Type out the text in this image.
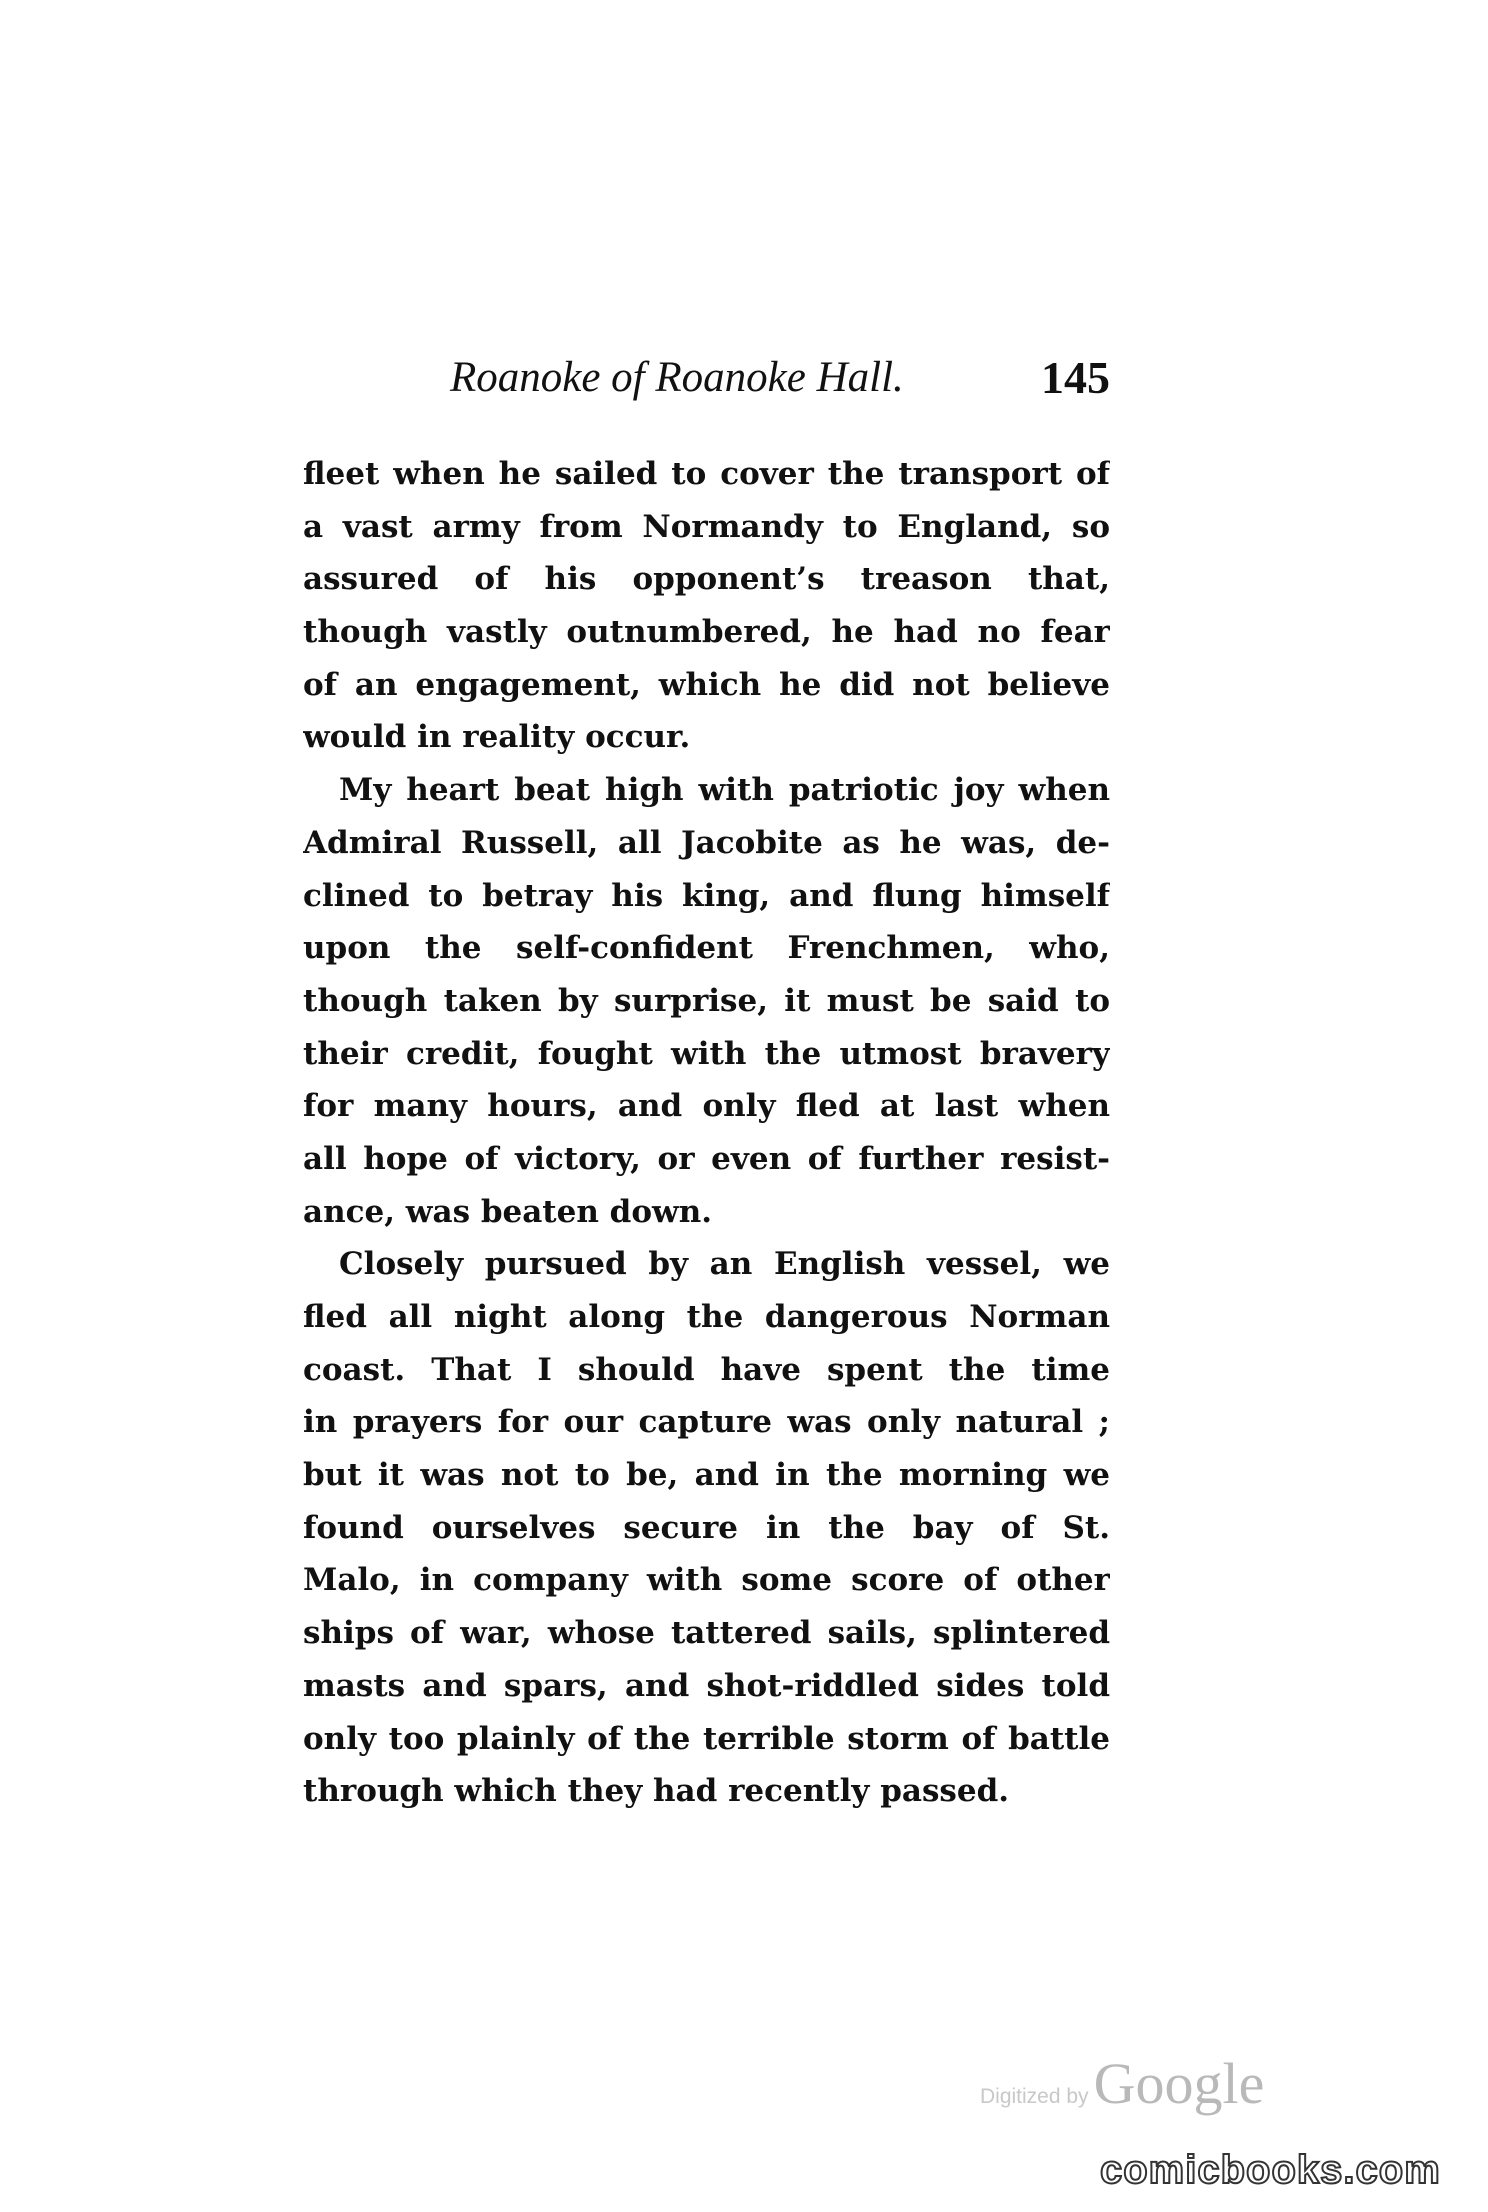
Roanoke of Roanoke Hall.	145
fleet when he sailed to cover the transport of
a vast army from Normandy to England, so
assured of his opponent’s treason that,
though vastly outnumbered, he had no fear
of an engagement, which he did not believe
would in reality occur.
My heart beat high with patriotic joy when
Admiral Russell, all Jacobite as he was, de-
clined to betray his king, and flung himself
upon the self-confident Frenchmen, who,
though taken by surprise, it must be said to
their credit, fought with the utmost bravery
for many hours, and only fled at last when
all hope of victory, or even of further resist-
ance, was beaten down.
Closely pursued by an English vessel, we
fled all night along the dangerous Norman
coast. That I should have spent the time
in prayers for our capture was only natural ;
but it was not to be, and in the morning we
found ourselves secure in the bay of St.
Malo, in company with some score of other
ships of war, whose tattered sails, splintered
masts and spars, and shot-riddled sides told
only too plainly of the terrible storm of battle
through which they had recently passed.
Digitized by Google
comicbooks.com
